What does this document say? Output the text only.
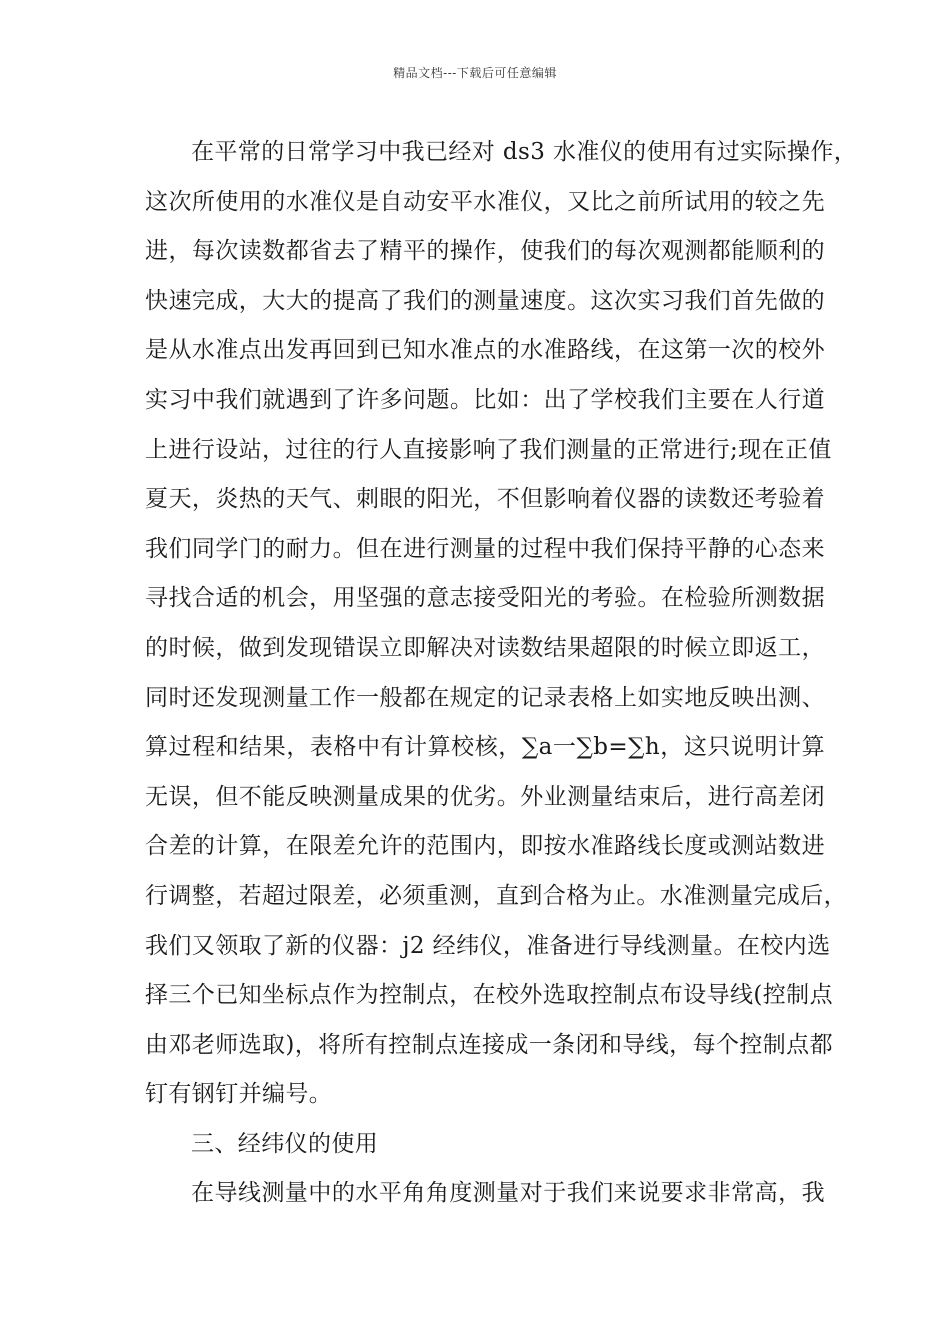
精品文档---下载后可任意编辑
在平常的日常学习中我已经对 ds3 水准仪的使用有过实际操作，
这次所使用的水准仪是自动安平水准仪，又比之前所试用的较之先
进，每次读数都省去了精平的操作，使我们的每次观测都能顺利的
快速完成，大大的提高了我们的测量速度。这次实习我们首先做的
是从水准点出发再回到已知水准点的水准路线，在这第一次的校外
实习中我们就遇到了许多问题。比如：出了学校我们主要在人行道
上进行设站，过往的行人直接影响了我们测量的正常进行;现在正值
夏天，炎热的天气、刺眼的阳光，不但影响着仪器的读数还考验着
我们同学门的耐力。但在进行测量的过程中我们保持平静的心态来
寻找合适的机会，用坚强的意志接受阳光的考验。在检验所测数据
的时候，做到发现错误立即解决对读数结果超限的时候立即返工，
同时还发现测量工作一般都在规定的记录表格上如实地反映出测、
算过程和结果，表格中有计算校核，∑a一∑b=∑h，这只说明计算
无误，但不能反映测量成果的优劣。外业测量结束后，进行高差闭
合差的计算，在限差允许的范围内，即按水准路线长度或测站数进
行调整，若超过限差，必须重测，直到合格为止。水准测量完成后，
我们又领取了新的仪器：j2 经纬仪，准备进行导线测量。在校内选
择三个已知坐标点作为控制点，在校外选取控制点布设导线(控制点
由邓老师选取)，将所有控制点连接成一条闭和导线，每个控制点都
钉有钢钉并编号。
三、经纬仪的使用
在导线测量中的水平角角度测量对于我们来说要求非常高，我
